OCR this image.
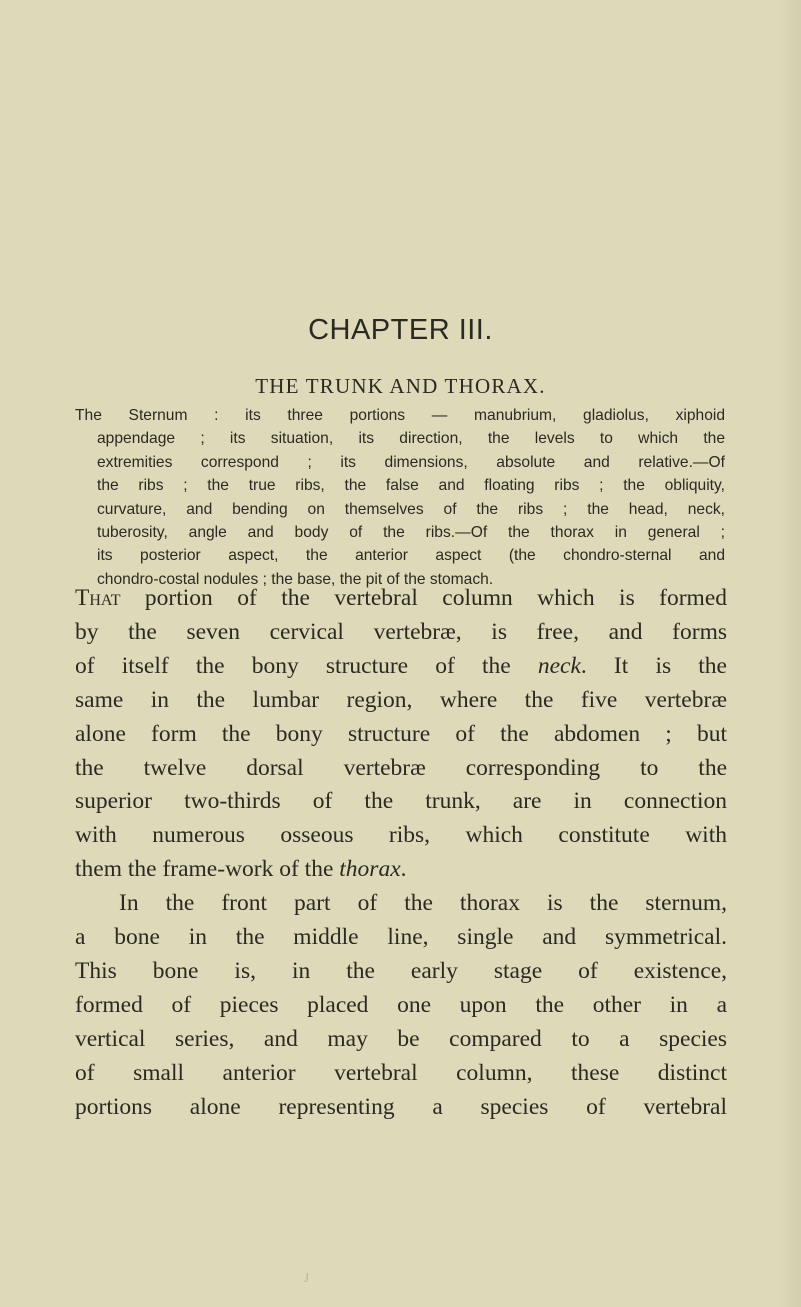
CHAPTER III.
THE TRUNK AND THORAX.
The Sternum : its three portions — manubrium, gladiolus, xiphoid
appendage ; its situation, its direction, the levels to which the
extremities correspond ; its dimensions, absolute and relative.—Of
the ribs ; the true ribs, the false and floating ribs ; the obliquity,
curvature, and bending on themselves of the ribs ; the head, neck,
tuberosity, angle and body of the ribs.—Of the thorax in general ;
its posterior aspect, the anterior aspect (the chondro-sternal and
chondro-costal nodules ; the base, the pit of the stomach.
That portion of the vertebral column which is formed
by the seven cervical vertebræ, is free, and forms
of itself the bony structure of the neck. It is the
same in the lumbar region, where the five vertebræ
alone form the bony structure of the abdomen ; but
the twelve dorsal vertebræ corresponding to the
superior two-thirds of the trunk, are in connection
with numerous osseous ribs, which constitute with
them the frame-work of the thorax.
In the front part of the thorax is the sternum,
a bone in the middle line, single and symmetrical.
This bone is, in the early stage of existence,
formed of pieces placed one upon the other in a
vertical series, and may be compared to a species
of small anterior vertebral column, these distinct
portions alone representing a species of vertebral
J
